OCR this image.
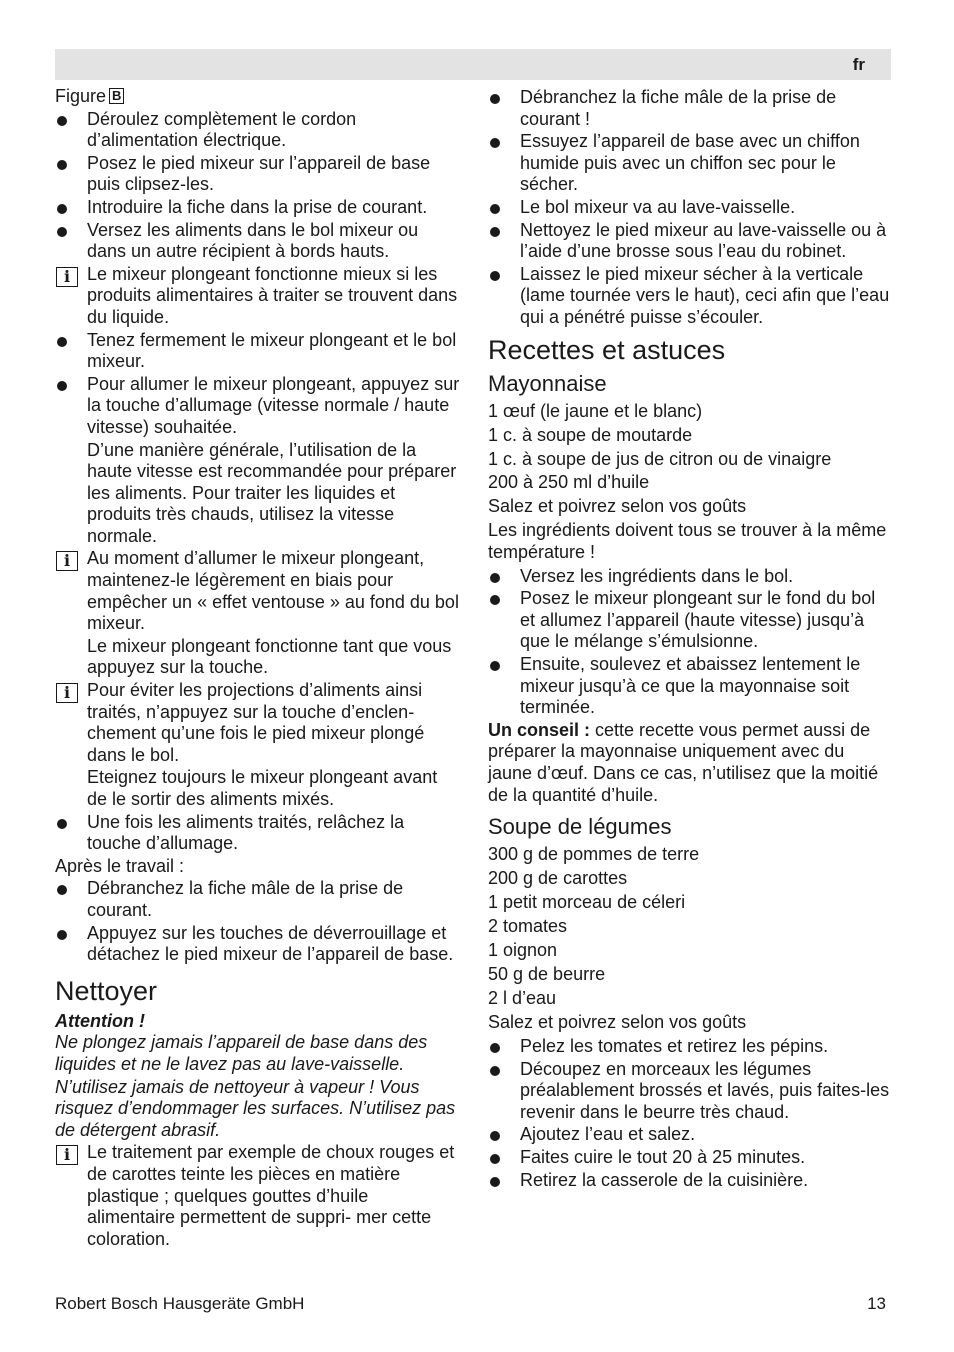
fr
Figure B
Déroulez complètement le cordon d’alimentation électrique.
Posez le pied mixeur sur l’appareil de base puis clipsez-les.
Introduire la fiche dans la prise de courant.
Versez les aliments dans le bol mixeur ou dans un autre récipient à bords hauts.
i Le mixeur plongeant fonctionne mieux si les produits alimentaires à traiter se trouvent dans du liquide.
Tenez fermement le mixeur plongeant et le bol mixeur.
Pour allumer le mixeur plongeant, appuyez sur la touche d’allumage (vitesse normale / haute vitesse) souhaitée.
D’une manière générale, l’utilisation de la haute vitesse est recommandée pour préparer les aliments. Pour traiter les liquides et produits très chauds, utilisez la vitesse normale.
i Au moment d’allumer le mixeur plongeant, maintenez-le légèrement en biais pour empêcher un « effet ventouse » au fond du bol mixeur.
Le mixeur plongeant fonctionne tant que vous appuyez sur la touche.
i Pour éviter les projections d’aliments ainsi traités, n’appuyez sur la touche d’enclen- chement qu’une fois le pied mixeur plongé dans le bol.
Eteignez toujours le mixeur plongeant avant de le sortir des aliments mixés.
Une fois les aliments traités, relâchez la touche d’allumage.
Après le travail :
Débranchez la fiche mâle de la prise de courant.
Appuyez sur les touches de déverrouillage et détachez le pied mixeur de l’appareil de base.
Nettoyer

Attention !

Ne plongez jamais l’appareil de base dans des liquides et ne le lavez pas au lave-vaisselle.

N’utilisez jamais de nettoyeur à vapeur ! Vous risquez d’endommager les surfaces. N’utilisez pas de détergent abrasif.

i Le traitement par exemple de choux rouges et de carottes teinte les pièces en matière plastique ; quelques gouttes d’huile alimentaire permettent de suppri- mer cette coloration.
Débranchez la fiche mâle de la prise de courant !
Essuyez l’appareil de base avec un chiffon humide puis avec un chiffon sec pour le sécher.
Le bol mixeur va au lave-vaisselle.
Nettoyez le pied mixeur au lave-vaisselle ou à l’aide d’une brosse sous l’eau du robinet.
Laissez le pied mixeur sécher à la verticale (lame tournée vers le haut), ceci afin que l’eau qui a pénétré puisse s’écouler.
Recettes et astuces
Mayonnaise
1 œuf (le jaune et le blanc)
1 c. à soupe de moutarde
1 c. à soupe de jus de citron ou de vinaigre
200 à 250 ml d’huile
Salez et poivrez selon vos goûts

Les ingrédients doivent tous se trouver à la même température !

Versez les ingrédients dans le bol.
Posez le mixeur plongeant sur le fond du bol et allumez l’appareil (haute vitesse) jusqu’à que le mélange s’émulsionne.
Ensuite, soulevez et abaissez lentement le mixeur jusqu’à ce que la mayonnaise soit terminée.

Un conseil : cette recette vous permet aussi de préparer la mayonnaise uniquement avec du jaune d’œuf. Dans ce cas, n’utilisez que la moitié de la quantité d’huile.

Soupe de légumes
300 g de pommes de terre
200 g de carottes
1 petit morceau de céleri
2 tomates
1 oignon
50 g de beurre
2 l d’eau
Salez et poivrez selon vos goûts
Pelez les tomates et retirez les pépins.
Découpez en morceaux les légumes préalablement brossés et lavés, puis faites-les revenir dans le beurre très chaud.
Ajoutez l’eau et salez.
Faites cuire le tout 20 à 25 minutes.
Retirez la casserole de la cuisinière.
Robert Bosch Hausgeräte GmbH	13
